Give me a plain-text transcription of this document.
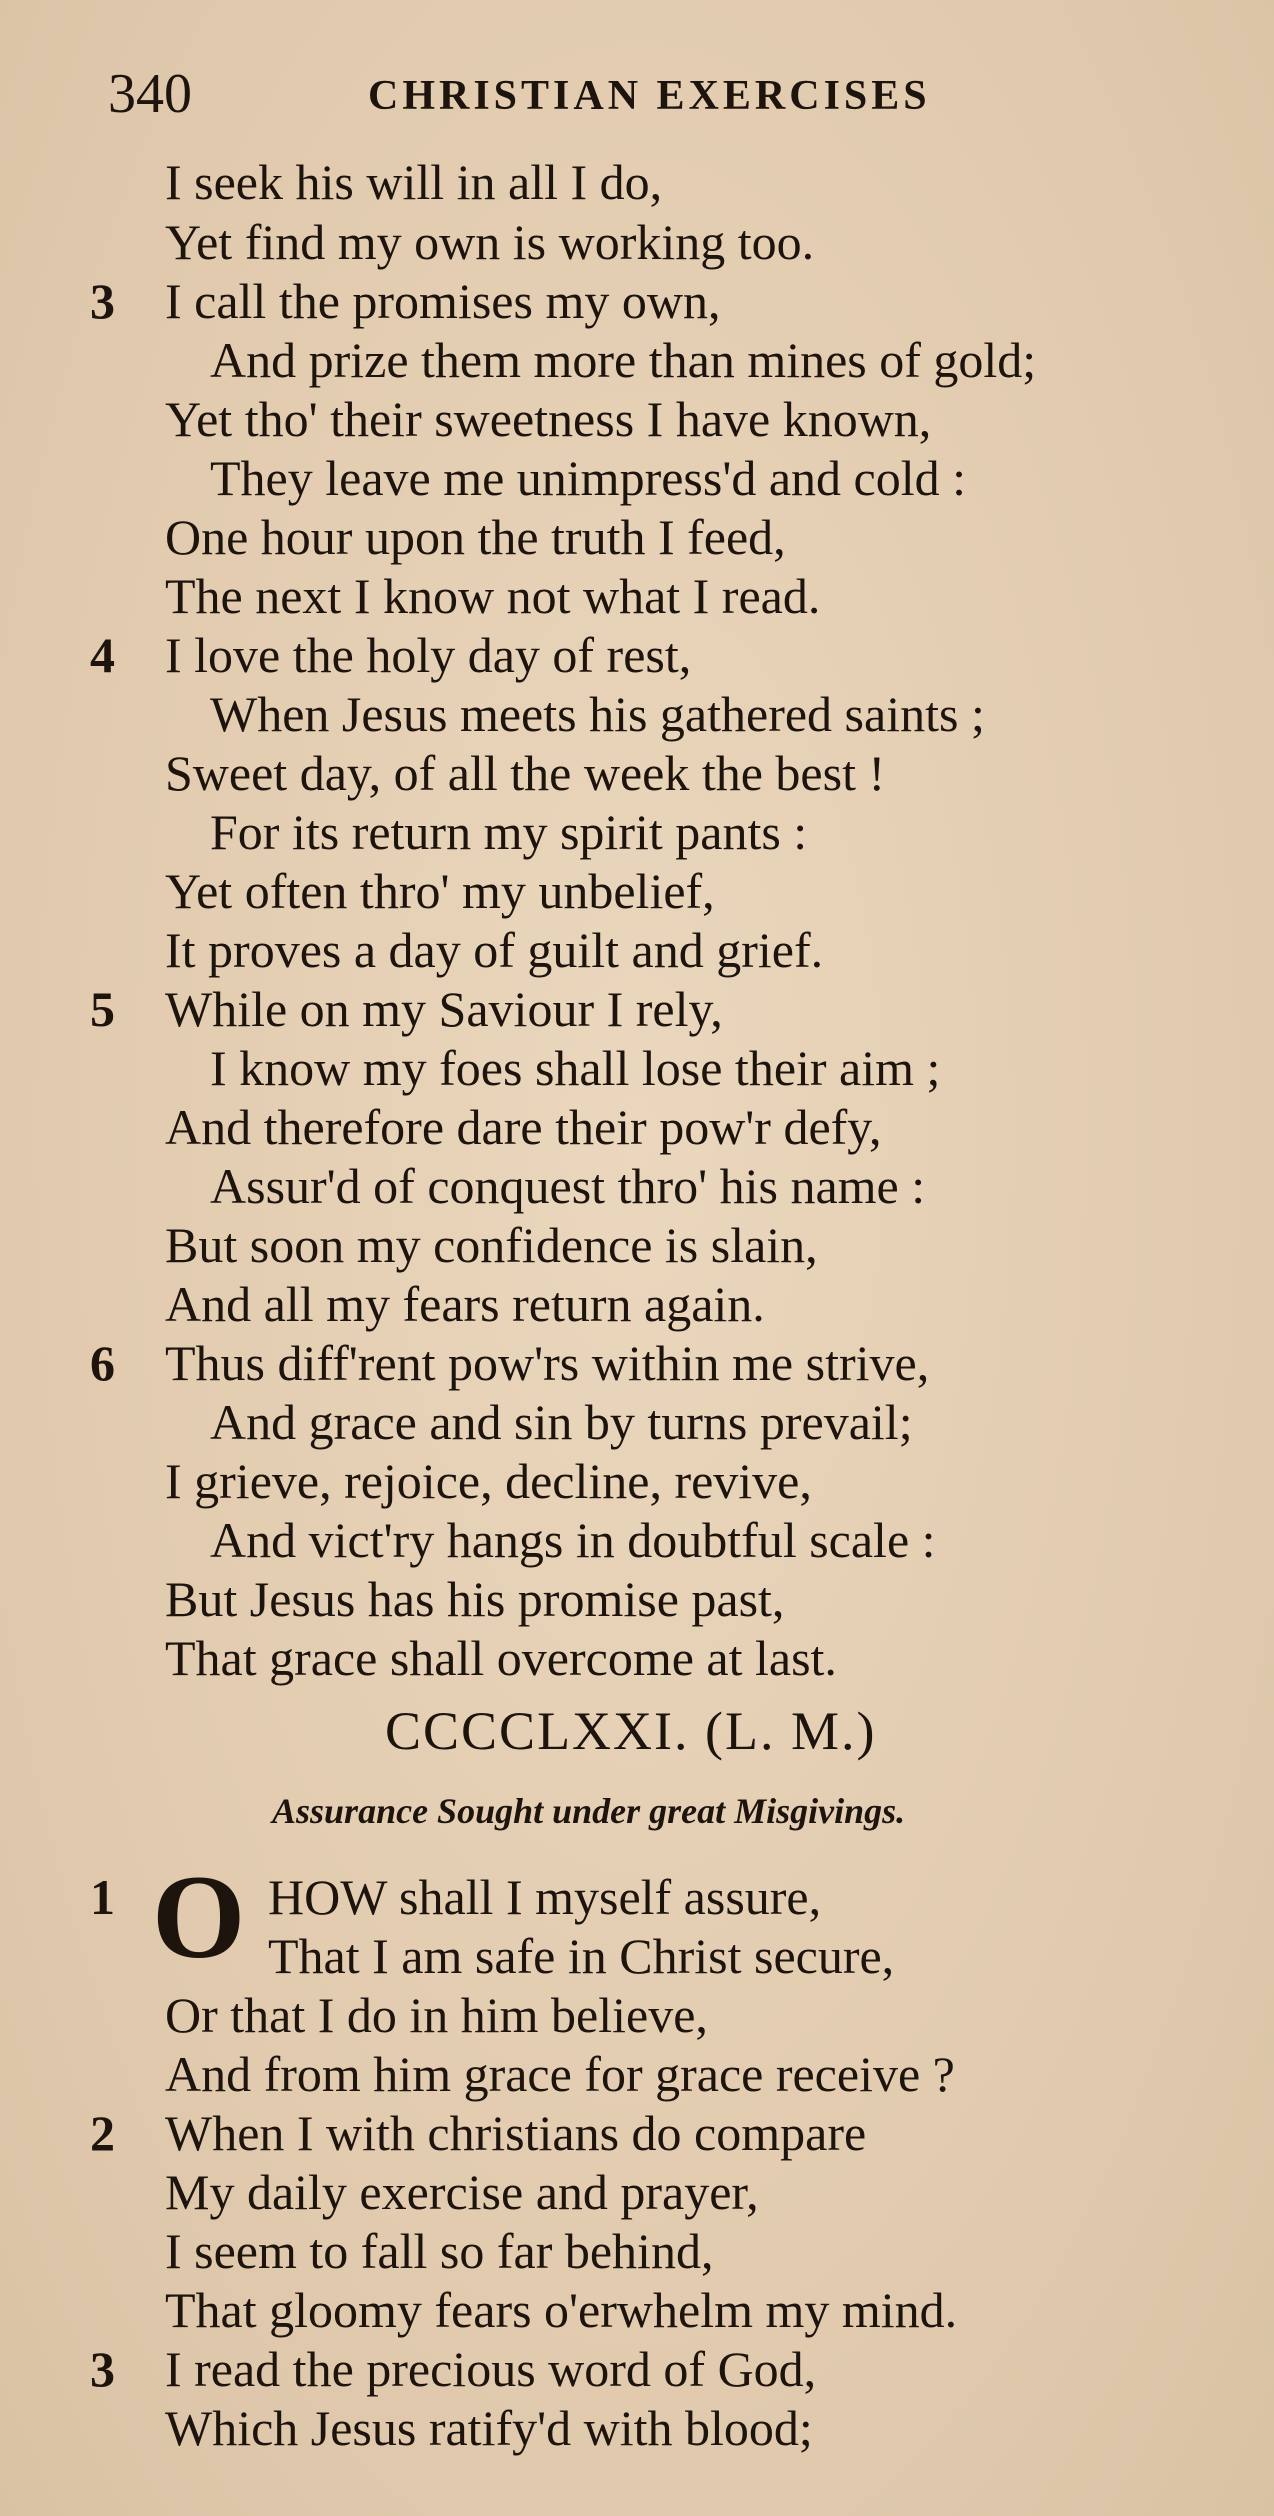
340	CHRISTIAN EXERCISES
I seek his will in all I do,
Yet find my own is working too.
3 I call the promises my own,
And prize them more than mines of gold;
Yet tho' their sweetness I have known,
They leave me unimpress'd and cold :
One hour upon the truth I feed,
The next I know not what I read.
4 I love the holy day of rest,
When Jesus meets his gathered saints ;
Sweet day, of all the week the best !
For its return my spirit pants :
Yet often thro' my unbelief,
It proves a day of guilt and grief.
5 While on my Saviour I rely,
I know my foes shall lose their aim ;
And therefore dare their pow'r defy,
Assur'd of conquest thro' his name :
But soon my confidence is slain,
And all my fears return again.
6 Thus diff'rent pow'rs within me strive,
And grace and sin by turns prevail;
I grieve, rejoice, decline, revive,
And vict'ry hangs in doubtful scale :
But Jesus has his promise past,
That grace shall overcome at last.
CCCCLXXI. (L. M.)
Assurance Sought under great Misgivings.
1 O HOW shall I myself assure,
That I am safe in Christ secure,
Or that I do in him believe,
And from him grace for grace receive ?
2 When I with christians do compare
My daily exercise and prayer,
I seem to fall so far behind,
That gloomy fears o'erwhelm my mind.
3 I read the precious word of God,
Which Jesus ratify'd with blood;
